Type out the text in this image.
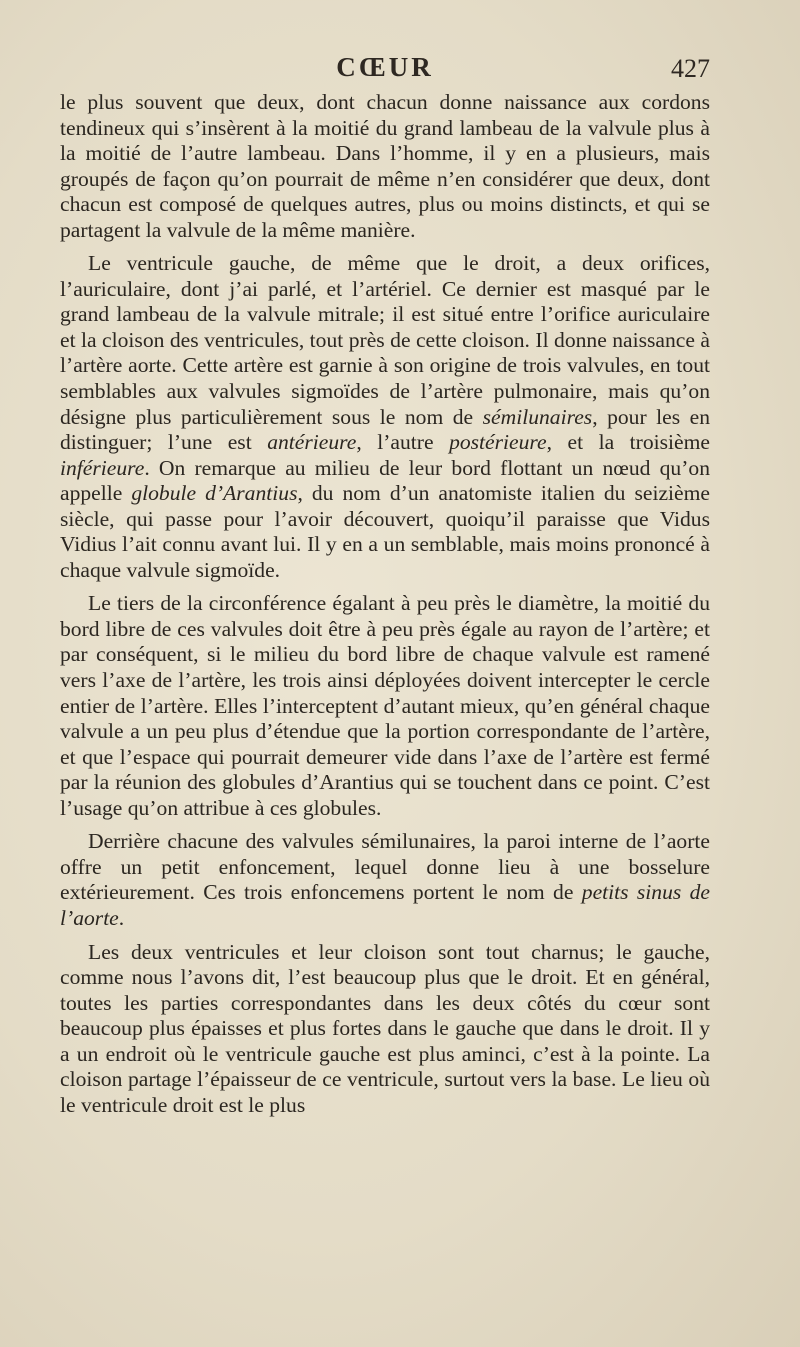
CŒUR	427

le plus souvent que deux, dont chacun donne naissance aux cordons tendineux qui s’insèrent à la moitié du grand lambeau de la valvule plus à la moitié de l’autre lambeau. Dans l’homme, il y en a plusieurs, mais groupés de façon qu’on pourrait de même n’en considérer que deux, dont chacun est composé de quelques autres, plus ou moins distincts, et qui se partagent la valvule de la même manière.

Le ventricule gauche, de même que le droit, a deux orifices, l’auriculaire, dont j’ai parlé, et l’artériel. Ce dernier est masqué par le grand lambeau de la valvule mitrale; il est situé entre l’orifice auriculaire et la cloison des ventricules, tout près de cette cloison. Il donne naissance à l’artère aorte. Cette artère est garnie à son origine de trois valvules, en tout semblables aux valvules sigmoïdes de l’artère pulmonaire, mais qu’on désigne plus particulièrement sous le nom de sémilunaires, pour les en distinguer; l’une est antérieure, l’autre postérieure, et la troisième inférieure. On remarque au milieu de leur bord flottant un nœud qu’on appelle globule d’Arantius, du nom d’un anatomiste italien du seizième siècle, qui passe pour l’avoir découvert, quoiqu’il paraisse que Vidus Vidius l’ait connu avant lui. Il y en a un semblable, mais moins prononcé à chaque valvule sigmoïde.

Le tiers de la circonférence égalant à peu près le diamètre, la moitié du bord libre de ces valvules doit être à peu près égale au rayon de l’artère; et par conséquent, si le milieu du bord libre de chaque valvule est ramené vers l’axe de l’artère, les trois ainsi déployées doivent intercepter le cercle entier de l’artère. Elles l’interceptent d’autant mieux, qu’en général chaque valvule a un peu plus d’étendue que la portion correspondante de l’artère, et que l’espace qui pourrait demeurer vide dans l’axe de l’artère est fermé par la réunion des globules d’Arantius qui se touchent dans ce point. C’est l’usage qu’on attribue à ces globules.

Derrière chacune des valvules sémilunaires, la paroi interne de l’aorte offre un petit enfoncement, lequel donne lieu à une bosselure extérieurement. Ces trois enfoncemens portent le nom de petits sinus de l’aorte.

Les deux ventricules et leur cloison sont tout charnus; le gauche, comme nous l’avons dit, l’est beaucoup plus que le droit. Et en général, toutes les parties correspondantes dans les deux côtés du cœur sont beaucoup plus épaisses et plus fortes dans le gauche que dans le droit. Il y a un endroit où le ventricule gauche est plus aminci, c’est à la pointe. La cloison partage l’épaisseur de ce ventricule, surtout vers la base. Le lieu où le ventricule droit est le plus
